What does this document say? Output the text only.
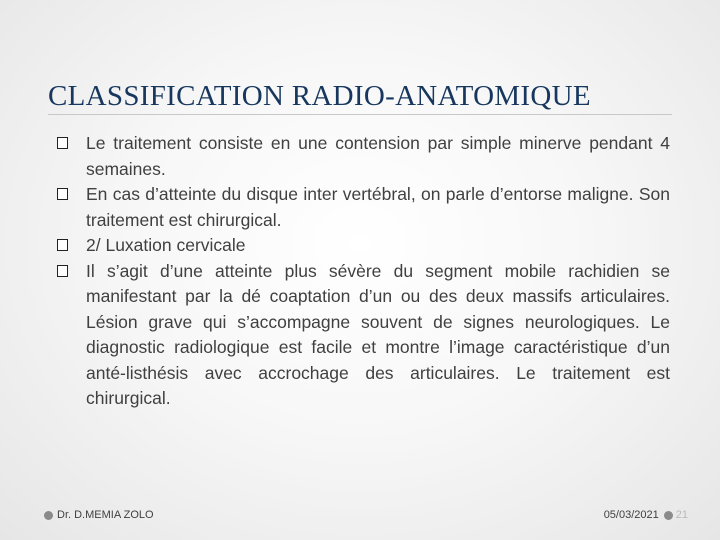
CLASSIFICATION RADIO-ANATOMIQUE
Le traitement consiste en une contension par simple minerve pendant 4 semaines.
En cas d’atteinte du disque inter vertébral, on parle d’entorse maligne. Son traitement est chirurgical.
2/ Luxation cervicale
Il s’agit d’une atteinte plus sévère du segment mobile rachidien se manifestant par la dé coaptation d’un ou des deux massifs articulaires. Lésion grave qui s’accompagne souvent de signes neurologiques. Le diagnostic radiologique est facile et montre l’image caractéristique d’un anté-listhésis avec accrochage des articulaires. Le traitement est chirurgical.
Dr. D.MEMIA ZOLO	05/03/2021 21
